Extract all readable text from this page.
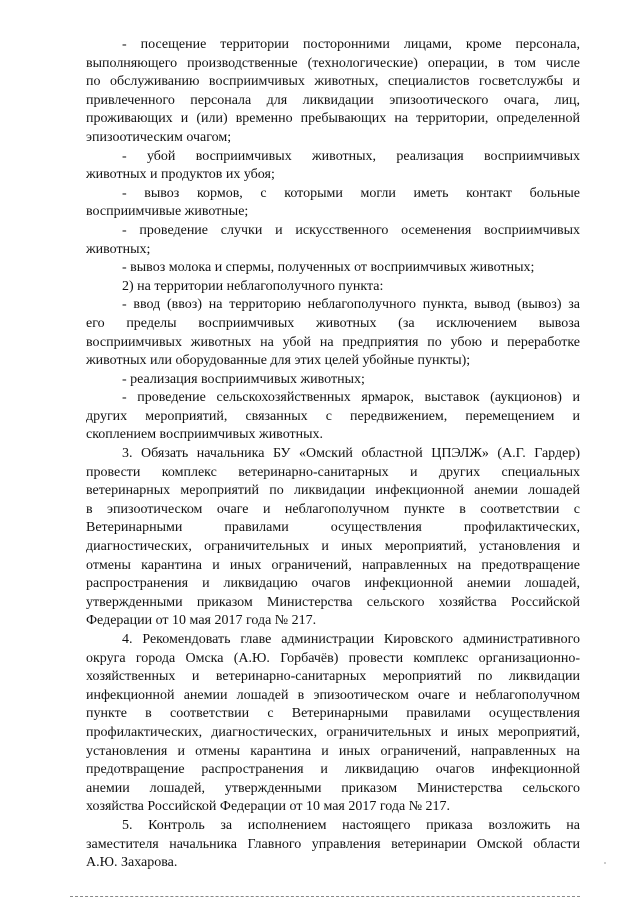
- посещение территории посторонними лицами, кроме персонала,
выполняющего производственные (технологические) операции, в том числе
по обслуживанию восприимчивых животных, специалистов госветслужбы и
привлеченного персонала для ликвидации эпизоотического очага, лиц,
проживающих и (или) временно пребывающих на территории, определенной
эпизоотическим очагом;
- убой восприимчивых животных, реализация восприимчивых
животных и продуктов их убоя;
- вывоз кормов, с которыми могли иметь контакт больные
восприимчивые животные;
- проведение случки и искусственного осеменения восприимчивых
животных;
- вывоз молока и спермы, полученных от восприимчивых животных;
2) на территории неблагополучного пункта:
- ввод (ввоз) на территорию неблагополучного пункта, вывод (вывоз) за
его пределы восприимчивых животных (за исключением вывоза
восприимчивых животных на убой на предприятия по убою и переработке
животных или оборудованные для этих целей убойные пункты);
- реализация восприимчивых животных;
- проведение сельскохозяйственных ярмарок, выставок (аукционов) и
других мероприятий, связанных с передвижением, перемещением и
скоплением восприимчивых животных.
3. Обязать начальника БУ «Омский областной ЦПЭЛЖ» (А.Г. Гардер)
провести комплекс ветеринарно-санитарных и других специальных
ветеринарных мероприятий по ликвидации инфекционной анемии лошадей
в эпизоотическом очаге и неблагополучном пункте в соответствии с
Ветеринарными правилами осуществления профилактических,
диагностических, ограничительных и иных мероприятий, установления и
отмены карантина и иных ограничений, направленных на предотвращение
распространения и ликвидацию очагов инфекционной анемии лошадей,
утвержденными приказом Министерства сельского хозяйства Российской
Федерации от 10 мая 2017 года № 217.
4. Рекомендовать главе администрации Кировского административного
округа города Омска (А.Ю. Горбачёв) провести комплекс организационно-
хозяйственных и ветеринарно-санитарных мероприятий по ликвидации
инфекционной анемии лошадей в эпизоотическом очаге и неблагополучном
пункте в соответствии с Ветеринарными правилами осуществления
профилактических, диагностических, ограничительных и иных мероприятий,
установления и отмены карантина и иных ограничений, направленных на
предотвращение распространения и ликвидацию очагов инфекционной
анемии лошадей, утвержденными приказом Министерства сельского
хозяйства Российской Федерации от 10 мая 2017 года № 217.
5. Контроль за исполнением настоящего приказа возложить на
заместителя начальника Главного управления ветеринарии Омской области
А.Ю. Захарова.
